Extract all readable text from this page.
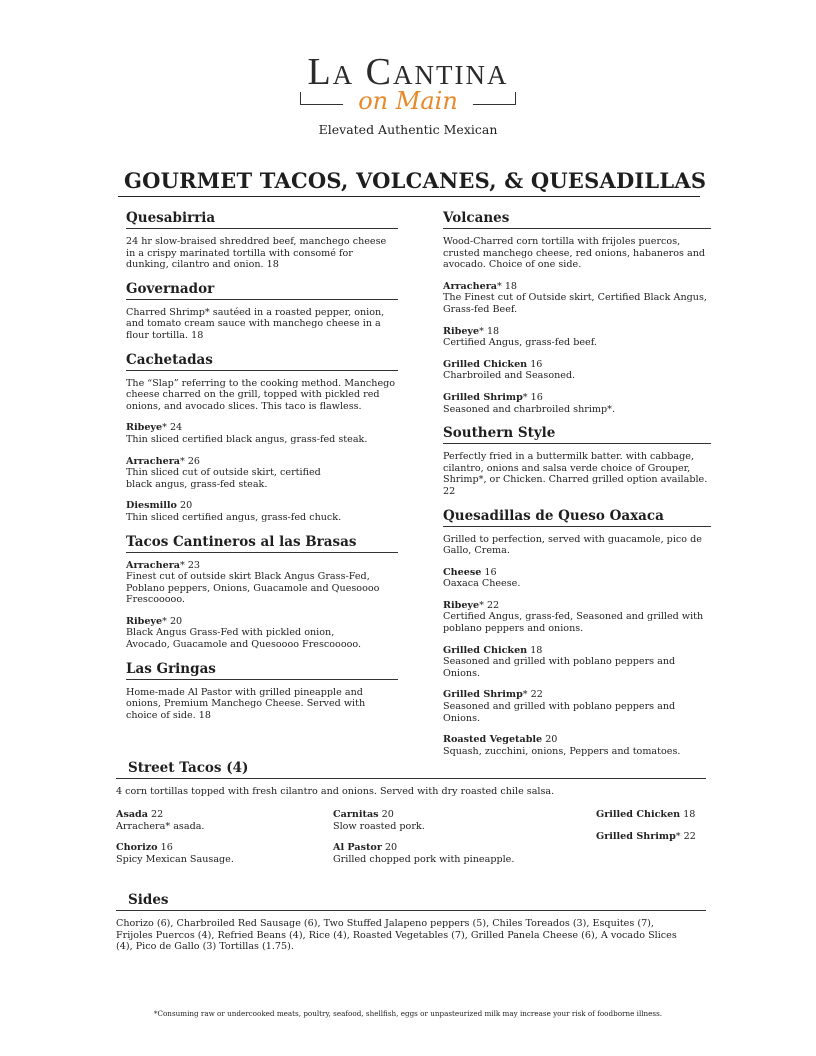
La Cantina
on Main
Elevated Authentic Mexican
GOURMET TACOS, VOLCANES, & QUESADILLAS
Quesabirria

24 hr slow-braised shreddred beef, manchego cheese in a crispy marinated tortilla with consomé for dunking, cilantro and onion. 18

Governador

Charred Shrimp* sautéed in a roasted pepper, onion, and tomato cream sauce with manchego cheese in a flour tortilla. 18

Cachetadas

The “Slap” referring to the cooking method. Manchego cheese charred on the grill, topped with pickled red onions, and avocado slices. This taco is flawless.

Ribeye* 24
Thin sliced certified black angus, grass-fed steak.
Arrachera* 26
Thin sliced cut of outside skirt, certified black angus, grass-fed steak.
Diesmillo 20
Thin sliced certified angus, grass-fed chuck.
Tacos Cantineros al las Brasas
Arrachera* 23
Finest cut of outside skirt Black Angus Grass-Fed, Poblano peppers, Onions, Guacamole and Quesoooo Frescooooo.
Ribeye* 20
Black Angus Grass-Fed with pickled onion, Avocado, Guacamole and Quesoooo Frescooooo.
Las Gringas

Home-made Al Pastor with grilled pineapple and onions, Premium Manchego Cheese. Served with choice of side. 18

Volcanes

Wood-Charred corn tortilla with frijoles puercos, crusted manchego cheese, red onions, habaneros and avocado. Choice of one side.

Arrachera* 18
The Finest cut of Outside skirt, Certified Black Angus, Grass-fed Beef.
Ribeye* 18
Certified Angus, grass-fed beef.
Grilled Chicken 16
Charbroiled and Seasoned.
Grilled Shrimp* 16
Seasoned and charbroiled shrimp*.
Southern Style

Perfectly fried in a buttermilk batter. with cabbage, cilantro, onions and salsa verde choice of Grouper, Shrimp*, or Chicken. Charred grilled option available. 22

Quesadillas de Queso Oaxaca

Grilled to perfection, served with guacamole, pico de Gallo, Crema.

Cheese 16
Oaxaca Cheese.
Ribeye* 22
Certified Angus, grass-fed, Seasoned and grilled with poblano peppers and onions.
Grilled Chicken 18
Seasoned and grilled with poblano peppers and Onions.
Grilled Shrimp* 22
Seasoned and grilled with poblano peppers and Onions.
Roasted Vegetable 20
Squash, zucchini, onions, Peppers and tomatoes.
Street Tacos (4)

4 corn tortillas topped with fresh cilantro and onions. Served with dry roasted chile salsa.

Asada 22
Arrachera* asada.
Chorizo 16
Spicy Mexican Sausage.
Carnitas 20
Slow roasted pork.
Al Pastor 20
Grilled chopped pork with pineapple.
Grilled Chicken 18
Grilled Shrimp* 22
Sides

Chorizo (6), Charbroiled Red Sausage (6), Two Stuffed Jalapeno peppers (5), Chiles Toreados (3), Esquites (7), Frijoles Puercos (4), Refried Beans (4), Rice (4), Roasted Vegetables (7), Grilled Panela Cheese (6), A vocado Slices (4), Pico de Gallo (3) Tortillas (1.75).

*Consuming raw or undercooked meats, poultry, seafood, shellfish, eggs or unpasteurized milk may increase your risk of foodborne illness.
